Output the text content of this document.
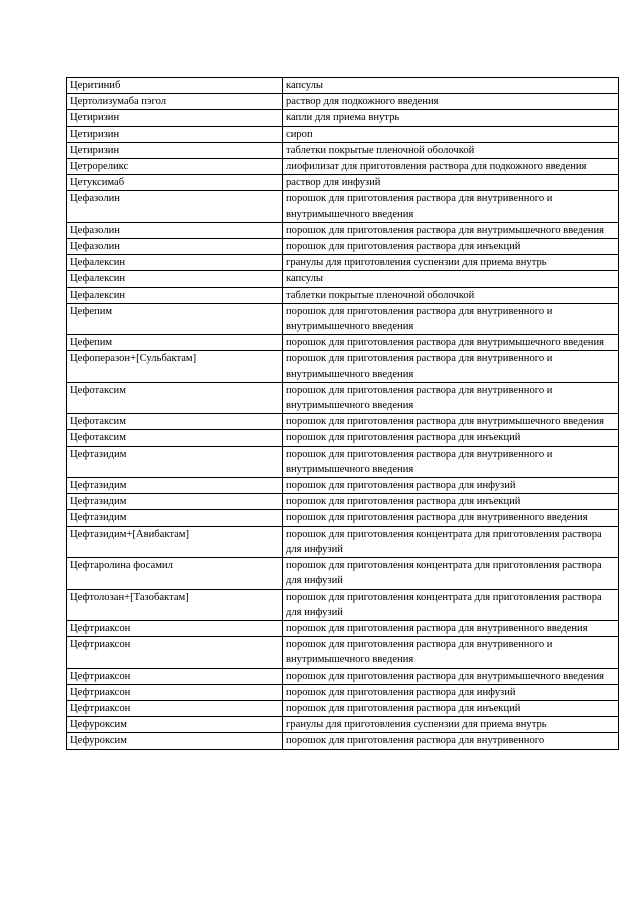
Церитиниб	капсулы
Цертолизумаба пэгол	раствор для подкожного введения
Цетиризин	капли для приема внутрь
Цетиризин	сироп
Цетиризин	таблетки покрытые пленочной оболочкой
Цетрореликс	лиофилизат для приготовления раствора для подкожного введения
Цетуксимаб	раствор для инфузий
Цефазолин	порошок для приготовления раствора для внутривенного и внутримышечного введения
Цефазолин	порошок для приготовления раствора для внутримышечного введения
Цефазолин	порошок для приготовления раствора для инъекций
Цефалексин	гранулы для приготовления суспензии для приема внутрь
Цефалексин	капсулы
Цефалексин	таблетки покрытые пленочной оболочкой
Цефепим	порошок для приготовления раствора для внутривенного и внутримышечного введения
Цефепим	порошок для приготовления раствора для внутримышечного введения
Цефоперазон+[Сульбактам]	порошок для приготовления раствора для внутривенного и внутримышечного введения
Цефотаксим	порошок для приготовления раствора для внутривенного и внутримышечного введения
Цефотаксим	порошок для приготовления раствора для внутримышечного введения
Цефотаксим	порошок для приготовления раствора для инъекций
Цефтазидим	порошок для приготовления раствора для внутривенного и внутримышечного введения
Цефтазидим	порошок для приготовления раствора для инфузий
Цефтазидим	порошок для приготовления раствора для инъекций
Цефтазидим	порошок для приготовления раствора для внутривенного введения
Цефтазидим+[Авибактам]	порошок для приготовления концентрата для приготовления раствора для инфузий
Цефтаролина фосамил	порошок для приготовления концентрата для приготовления раствора для инфузий
Цефтолозан+[Тазобактам]	порошок для приготовления концентрата для приготовления раствора для инфузий
Цефтриаксон	порошок для приготовления раствора для внутривенного введения
Цефтриаксон	порошок для приготовления раствора для внутривенного и внутримышечного введения
Цефтриаксон	порошок для приготовления раствора для внутримышечного введения
Цефтриаксон	порошок для приготовления раствора для инфузий
Цефтриаксон	порошок для приготовления раствора для инъекций
Цефуроксим	гранулы для приготовления суспензии для приема внутрь
Цефуроксим	порошок для приготовления раствора для внутривенного
